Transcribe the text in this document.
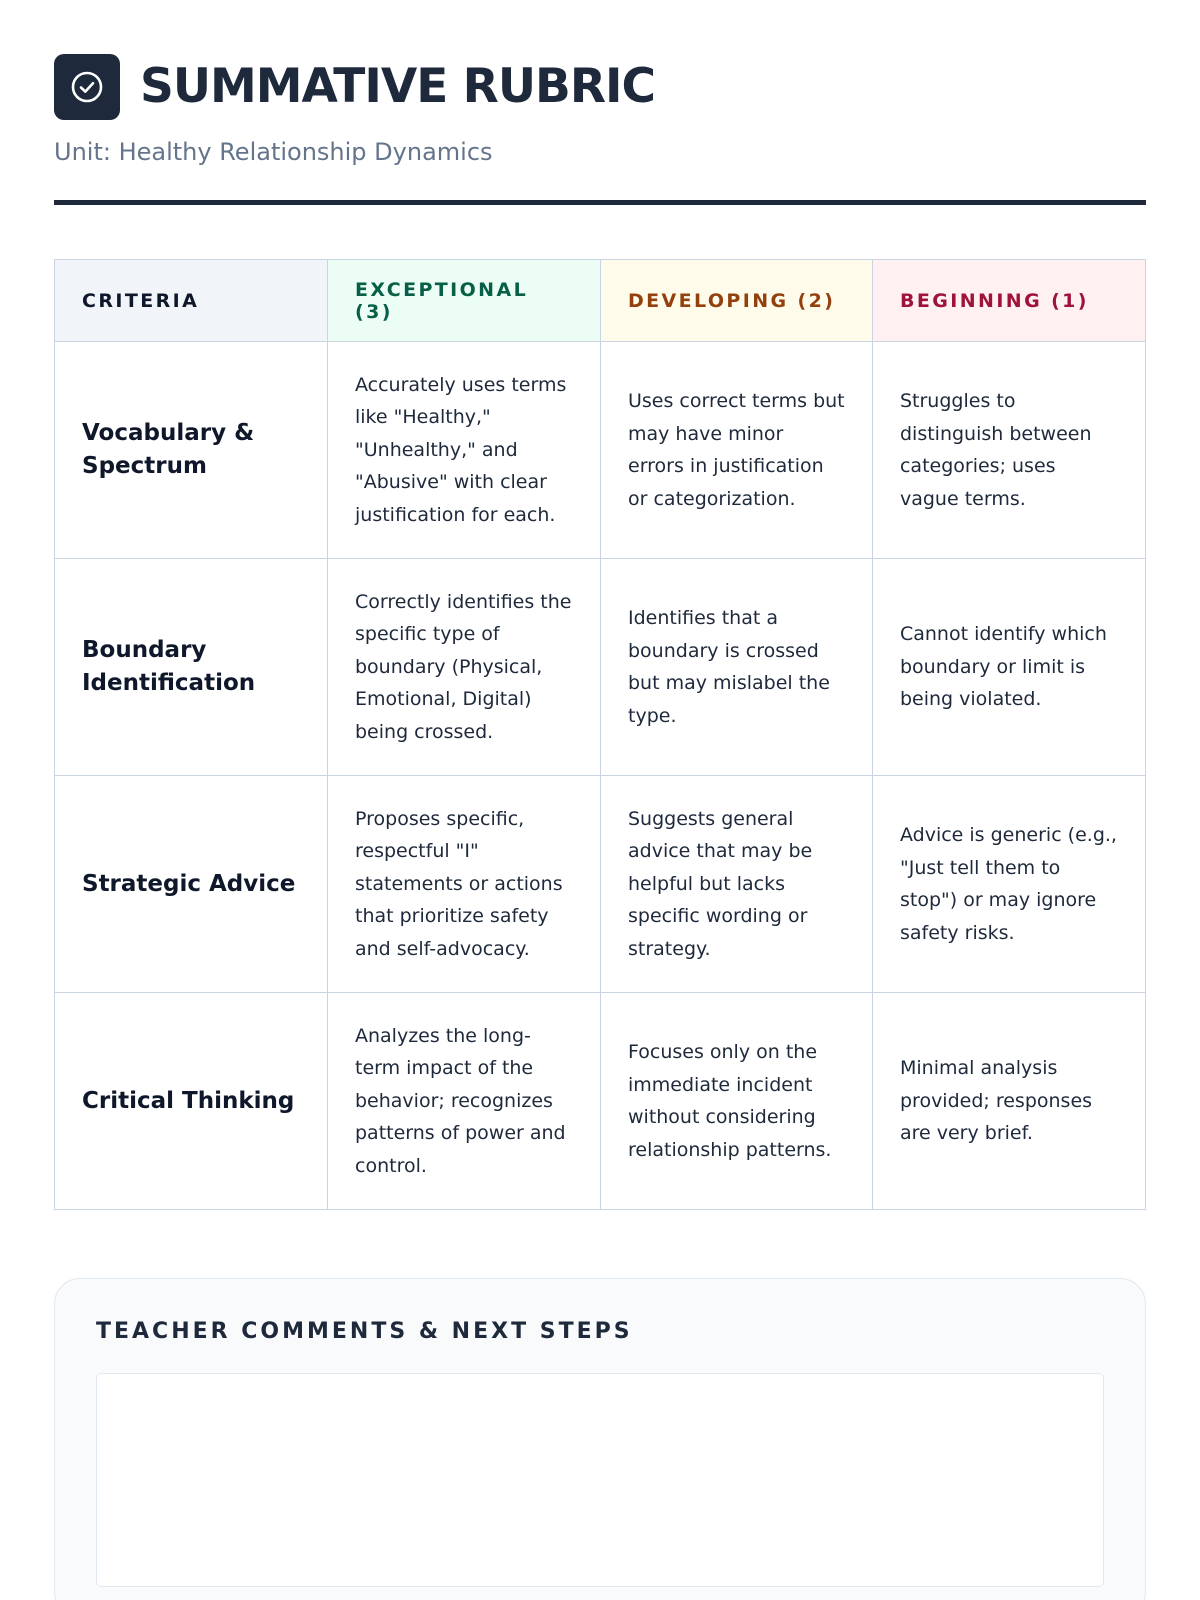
SUMMATIVE RUBRIC
Unit: Healthy Relationship Dynamics
CRITERIA	EXCEPTIONAL (3)	DEVELOPING (2)	BEGINNING (1)
Vocabulary & Spectrum	Accurately uses terms like "Healthy," "Unhealthy," and "Abusive" with clear justification for each.	Uses correct terms but may have minor errors in justification or categorization.	Struggles to distinguish between categories; uses vague terms.
Boundary Identification	Correctly identifies the specific type of boundary (Physical, Emotional, Digital) being crossed.	Identifies that a boundary is crossed but may mislabel the type.	Cannot identify which boundary or limit is being violated.
Strategic Advice	Proposes specific, respectful "I" statements or actions that prioritize safety and self-advocacy.	Suggests general advice that may be helpful but lacks specific wording or strategy.	Advice is generic (e.g., "Just tell them to stop") or may ignore safety risks.
Critical Thinking	Analyzes the long-term impact of the behavior; recognizes patterns of power and control.	Focuses only on the immediate incident without considering relationship patterns.	Minimal analysis provided; responses are very brief.
TEACHER COMMENTS & NEXT STEPS
